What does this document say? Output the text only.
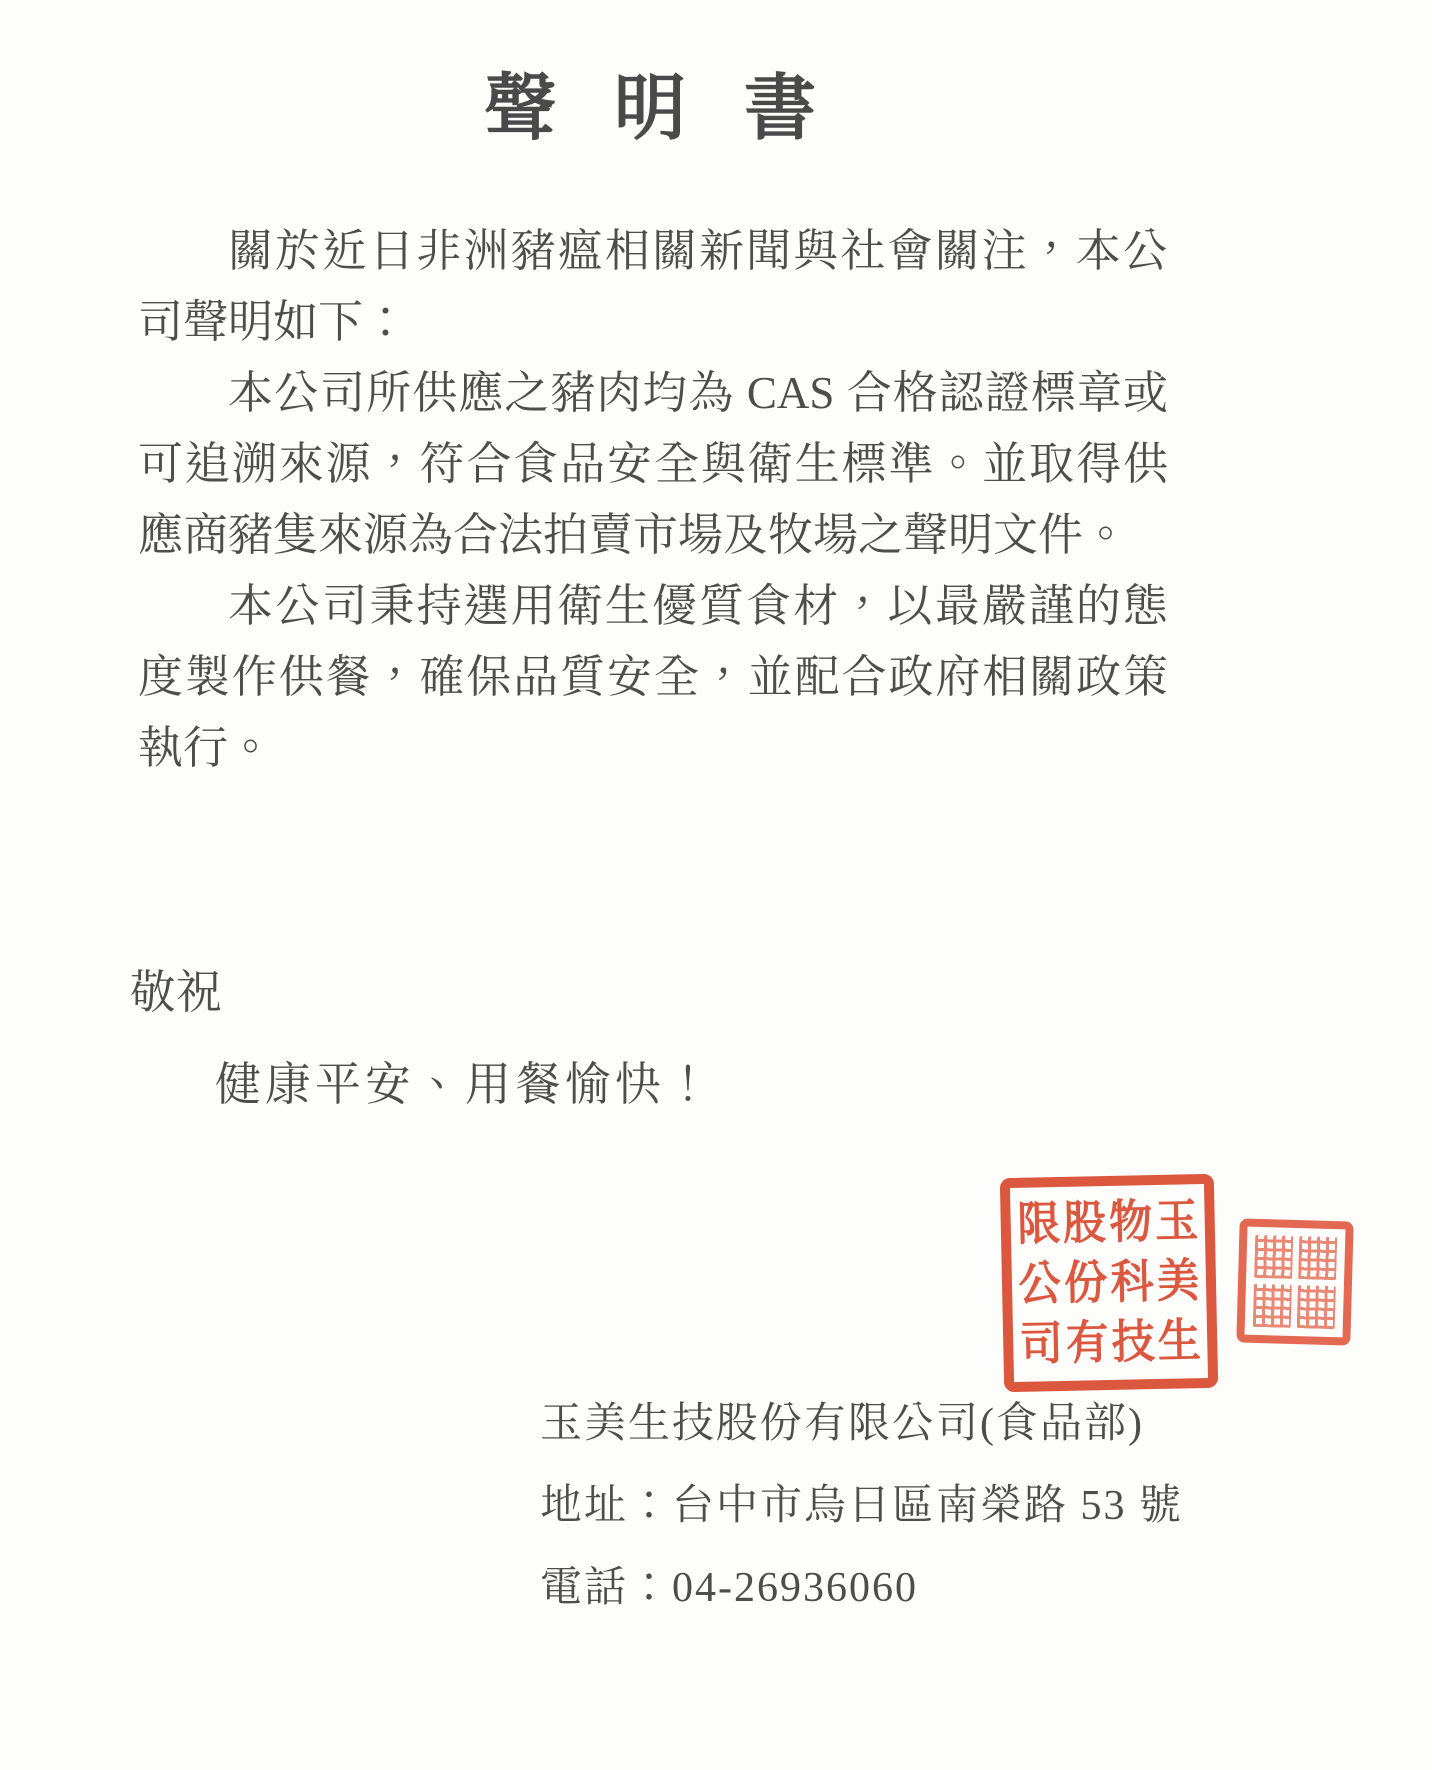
聲明書

關於近日非洲豬瘟相關新聞與社會關注，本公司聲明如下：

本公司所供應之豬肉均為 CAS 合格認證標章或可追溯來源，符合食品安全與衛生標準。並取得供應商豬隻來源為合法拍賣市場及牧場之聲明文件。

本公司秉持選用衛生優質食材，以最嚴謹的態度製作供餐，確保品質安全，並配合政府相關政策執行。

敬祝
健康平安、用餐愉快！
玉
美
生
物
科
技
股
份
有
限
公
司
玉美生技股份有限公司(食品部)
地址：台中市烏日區南榮路 53 號
電話：04-26936060
